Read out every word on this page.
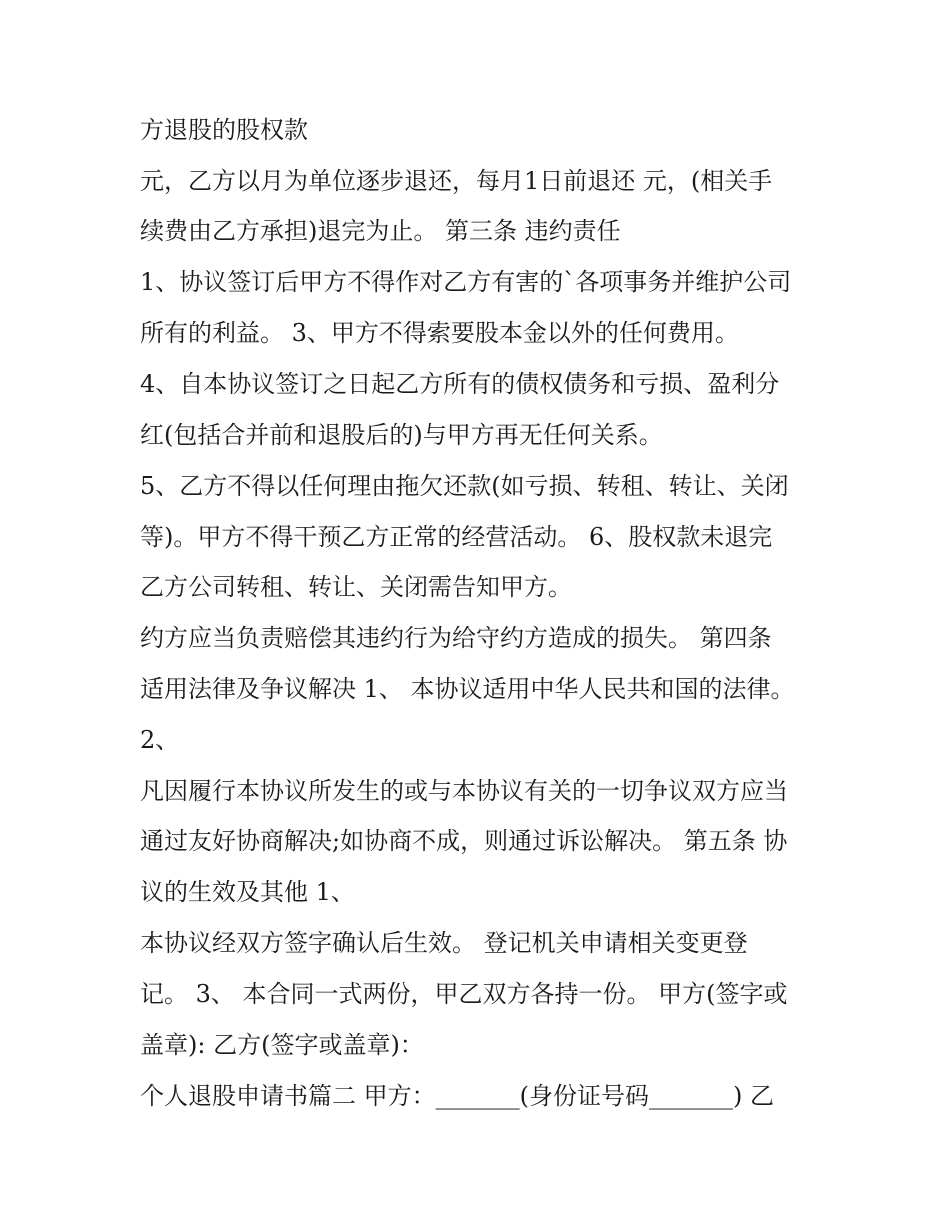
方退股的股权款
元，乙方以月为单位逐步退还，每月1日前退还 元，(相关手
续费由乙方承担)退完为止。 第三条 违约责任
1、协议签订后甲方不得作对乙方有害的`各项事务并维护公司
所有的利益。 3、甲方不得索要股本金以外的任何费用。
4、自本协议签订之日起乙方所有的债权债务和亏损、盈利分
红(包括合并前和退股后的)与甲方再无任何关系。
5、乙方不得以任何理由拖欠还款(如亏损、转租、转让、关闭
等)。甲方不得干预乙方正常的经营活动。 6、股权款未退完
乙方公司转租、转让、关闭需告知甲方。
约方应当负责赔偿其违约行为给守约方造成的损失。 第四条
适用法律及争议解决 1、 本协议适用中华人民共和国的法律。
2、
凡因履行本协议所发生的或与本协议有关的一切争议双方应当
通过友好协商解决;如协商不成，则通过诉讼解决。 第五条 协
议的生效及其他 1、
本协议经双方签字确认后生效。 登记机关申请相关变更登
记。 3、 本合同一式两份，甲乙双方各持一份。 甲方(签字或
盖章): 乙方(签字或盖章)：
个人退股申请书篇二 甲方：_______(身份证号码_______) 乙
